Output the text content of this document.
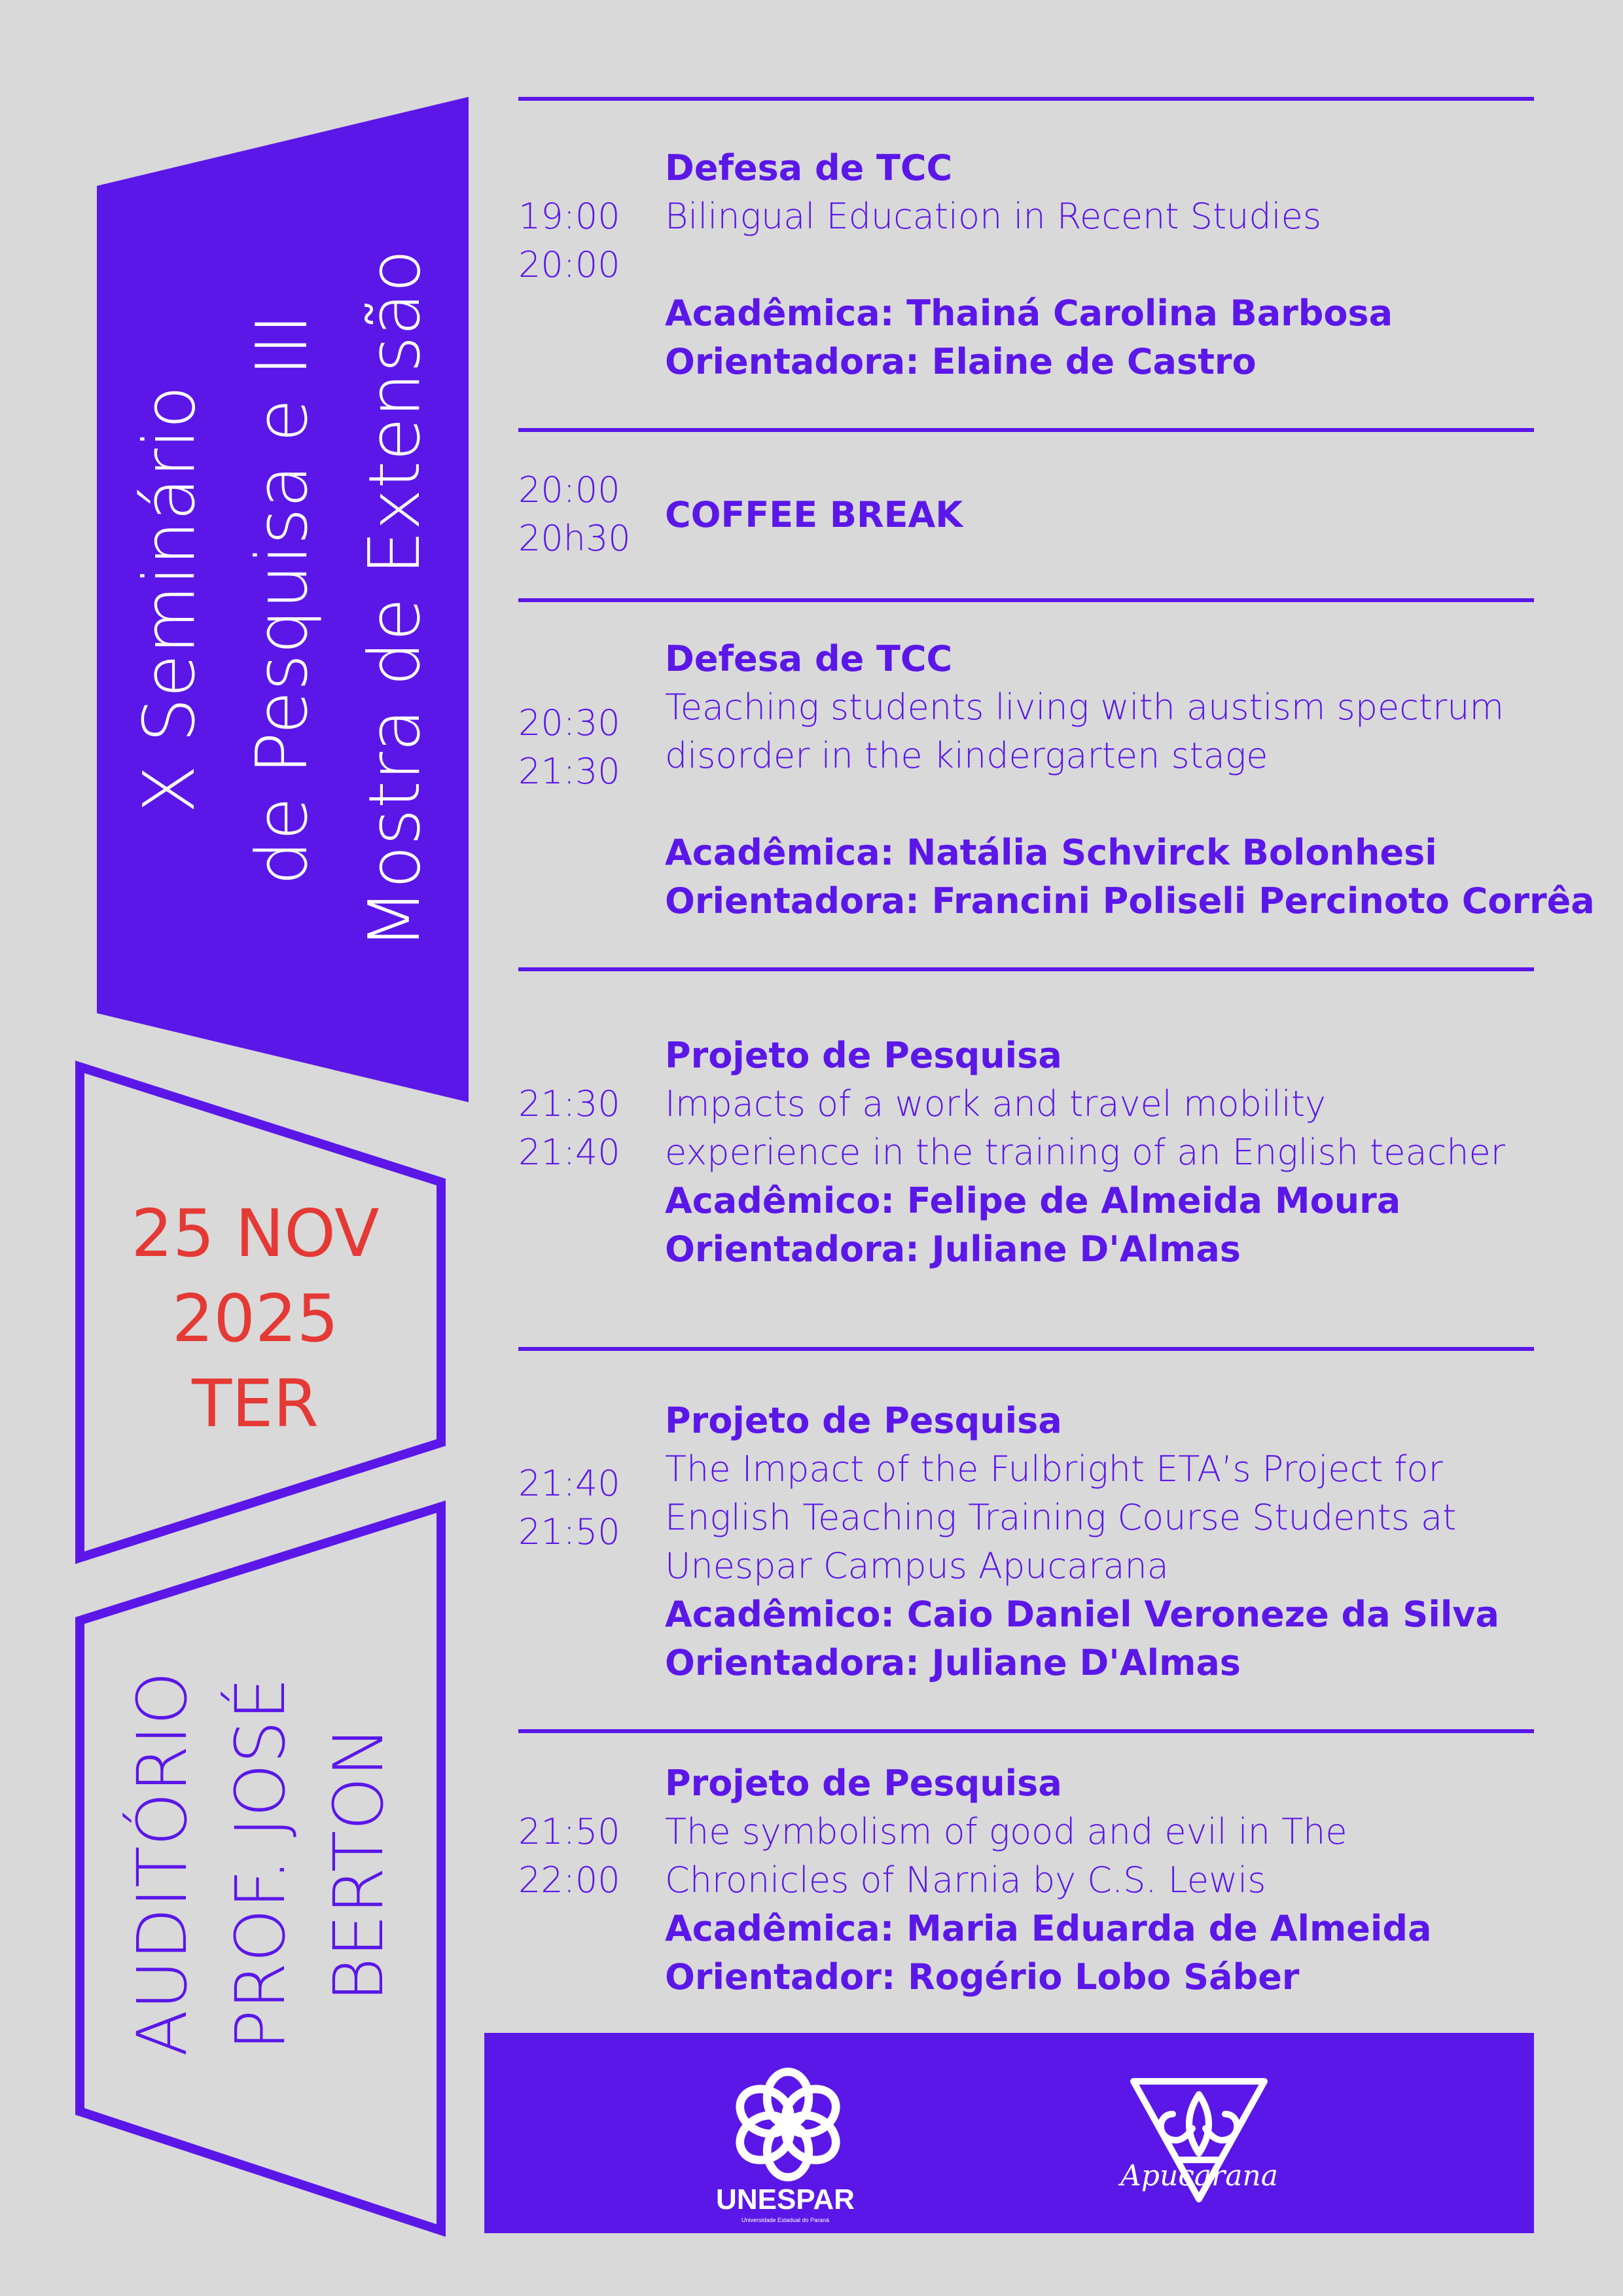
X Seminário de Pesquisa e III Mostra de Extensão
25 NOV
2025
TER
AUDITÓRIO PROF. JOSÉ BERTON
19:00
20:00
Defesa de TCC
Bilingual Education in Recent Studies
Acadêmica: Thainá Carolina Barbosa
Orientadora: Elaine de Castro
20:00
20h30
COFFEE BREAK
20:30
21:30
Defesa de TCC
Teaching students living with austism spectrum
disorder in the kindergarten stage
Acadêmica: Natália Schvirck Bolonhesi
Orientadora: Francini Poliseli Percinoto Corrêa
21:30
21:40
Projeto de Pesquisa
Impacts of a work and travel mobility
experience in the training of an English teacher
Acadêmico: Felipe de Almeida Moura
Orientadora: Juliane D'Almas
21:40
21:50
Projeto de Pesquisa
The Impact of the Fulbright ETA’s Project for
English Teaching Training Course Students at
Unespar Campus Apucarana
Acadêmico: Caio Daniel Veroneze da Silva
Orientadora: Juliane D'Almas
21:50
22:00
Projeto de Pesquisa
The symbolism of good and evil in The
Chronicles of Narnia by C.S. Lewis
Acadêmica: Maria Eduarda de Almeida
Orientador: Rogério Lobo Sáber
UNESPAR
Universidade Estadual do Paraná
Apucarana
